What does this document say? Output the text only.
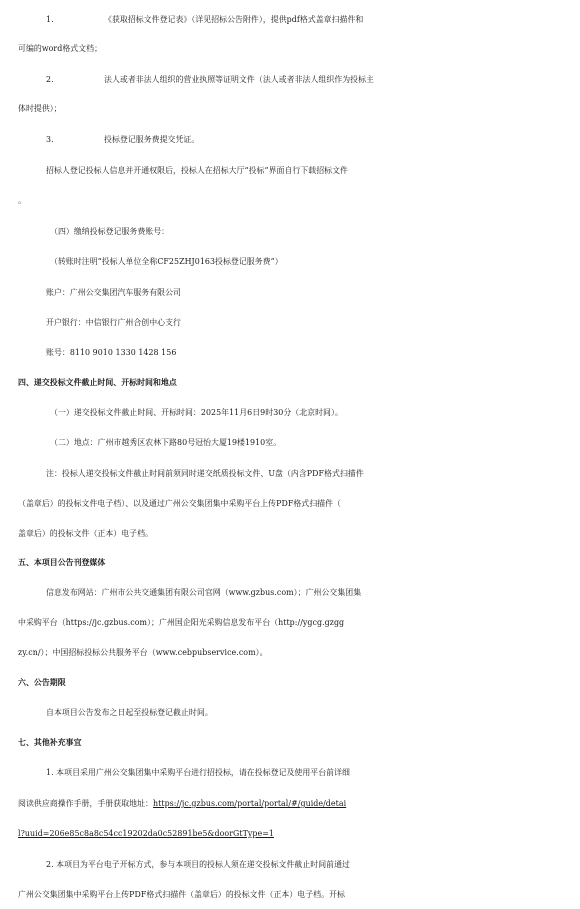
1.	《获取招标文件登记表》（详见招标公告附件），提供pdf格式盖章扫描件和
可编的word格式文档；
2.	法人或者非法人组织的营业执照等证明文件（法人或者非法人组织作为投标主
体时提供）；
3.	投标登记服务费提交凭证。
招标人登记投标人信息并开通权限后，投标人在招标大厅“投标”界面自行下载招标文件
。
（四）缴纳投标登记服务费账号：
（转账时注明“投标人单位全称CF25ZHJ0163投标登记服务费”）
账户：广州公交集团汽车服务有限公司
开户银行：中信银行广州合创中心支行
账号：8110 9010 1330 1428 156
四、递交投标文件截止时间、开标时间和地点
（一）递交投标文件截止时间、开标时间：2025年11月6日9时30分（北京时间）。
（二）地点：广州市越秀区农林下路80号冠怡大厦19楼1910室。
注：投标人递交投标文件截止时间前须同时递交纸质投标文件、U盘（内含PDF格式扫描件
（盖章后）的投标文件电子档）、以及通过广州公交集团集中采购平台上传PDF格式扫描件（
盖章后）的投标文件（正本）电子档。
五、本项目公告刊登媒体
信息发布网站：广州市公共交通集团有限公司官网（www.gzbus.com）；广州公交集团集
中采购平台（https://jc.gzbus.com）；广州国企阳光采购信息发布平台（http://ygcg.gzgg
zy.cn/）；中国招标投标公共服务平台（www.cebpubservice.com）。
六、公告期限
自本项目公告发布之日起至投标登记截止时间。
七、其他补充事宜
1. 本项目采用广州公交集团集中采购平台进行招投标，请在投标登记及使用平台前详细
阅读供应商操作手册，手册获取地址：https://jc.gzbus.com/portal/portal/#/guide/detai
l?uuid=206e85c8a8c54cc19202da0c52891be5&doorGtType=1
2. 本项目为平台电子开标方式，参与本项目的投标人须在递交投标文件截止时间前通过
广州公交集团集中采购平台上传PDF格式扫描件（盖章后）的投标文件（正本）电子档。开标
